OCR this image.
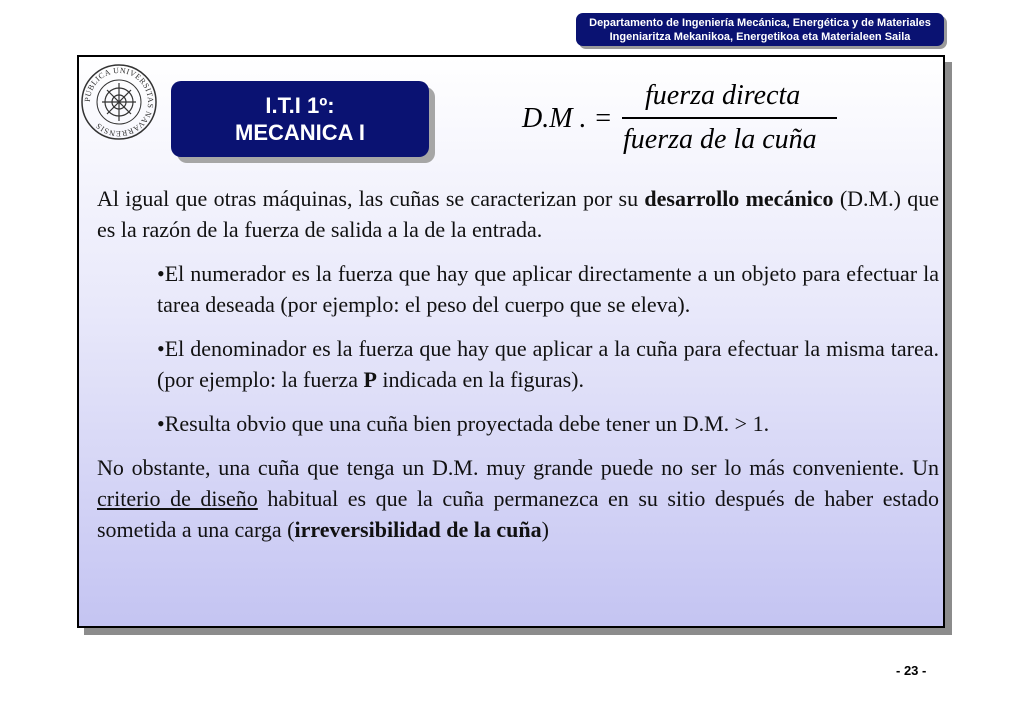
Departamento de Ingeniería Mecánica, Energética y de Materiales
Ingeniaritza Mekanikoa, Energetikoa eta Materialeen Saila
PUBLICA UNIVERSITAS NAVARRENSIS
I.T.I 1º:
MECANICA I	D.M . =
fuerza directa
fuerza de la cuña

Al igual que otras máquinas, las cuñas se caracterizan por su desarrollo mecánico (D.M.) que es la razón de la fuerza de salida a la de la entrada.

•El numerador es la fuerza que hay que aplicar directamente a un objeto para efectuar la tarea deseada (por ejemplo: el peso del cuerpo que se eleva).

•El denominador es la fuerza que hay que aplicar a la cuña para efectuar la misma tarea. (por ejemplo: la fuerza P indicada en la figuras).

•Resulta obvio que una cuña bien proyectada debe tener un D.M. > 1.

No obstante, una cuña que tenga un D.M. muy grande puede no ser lo más conveniente. Un criterio de diseño habitual es que la cuña permanezca en su sitio después de haber estado sometida a una carga (irreversibilidad de la cuña)

- 23 -
